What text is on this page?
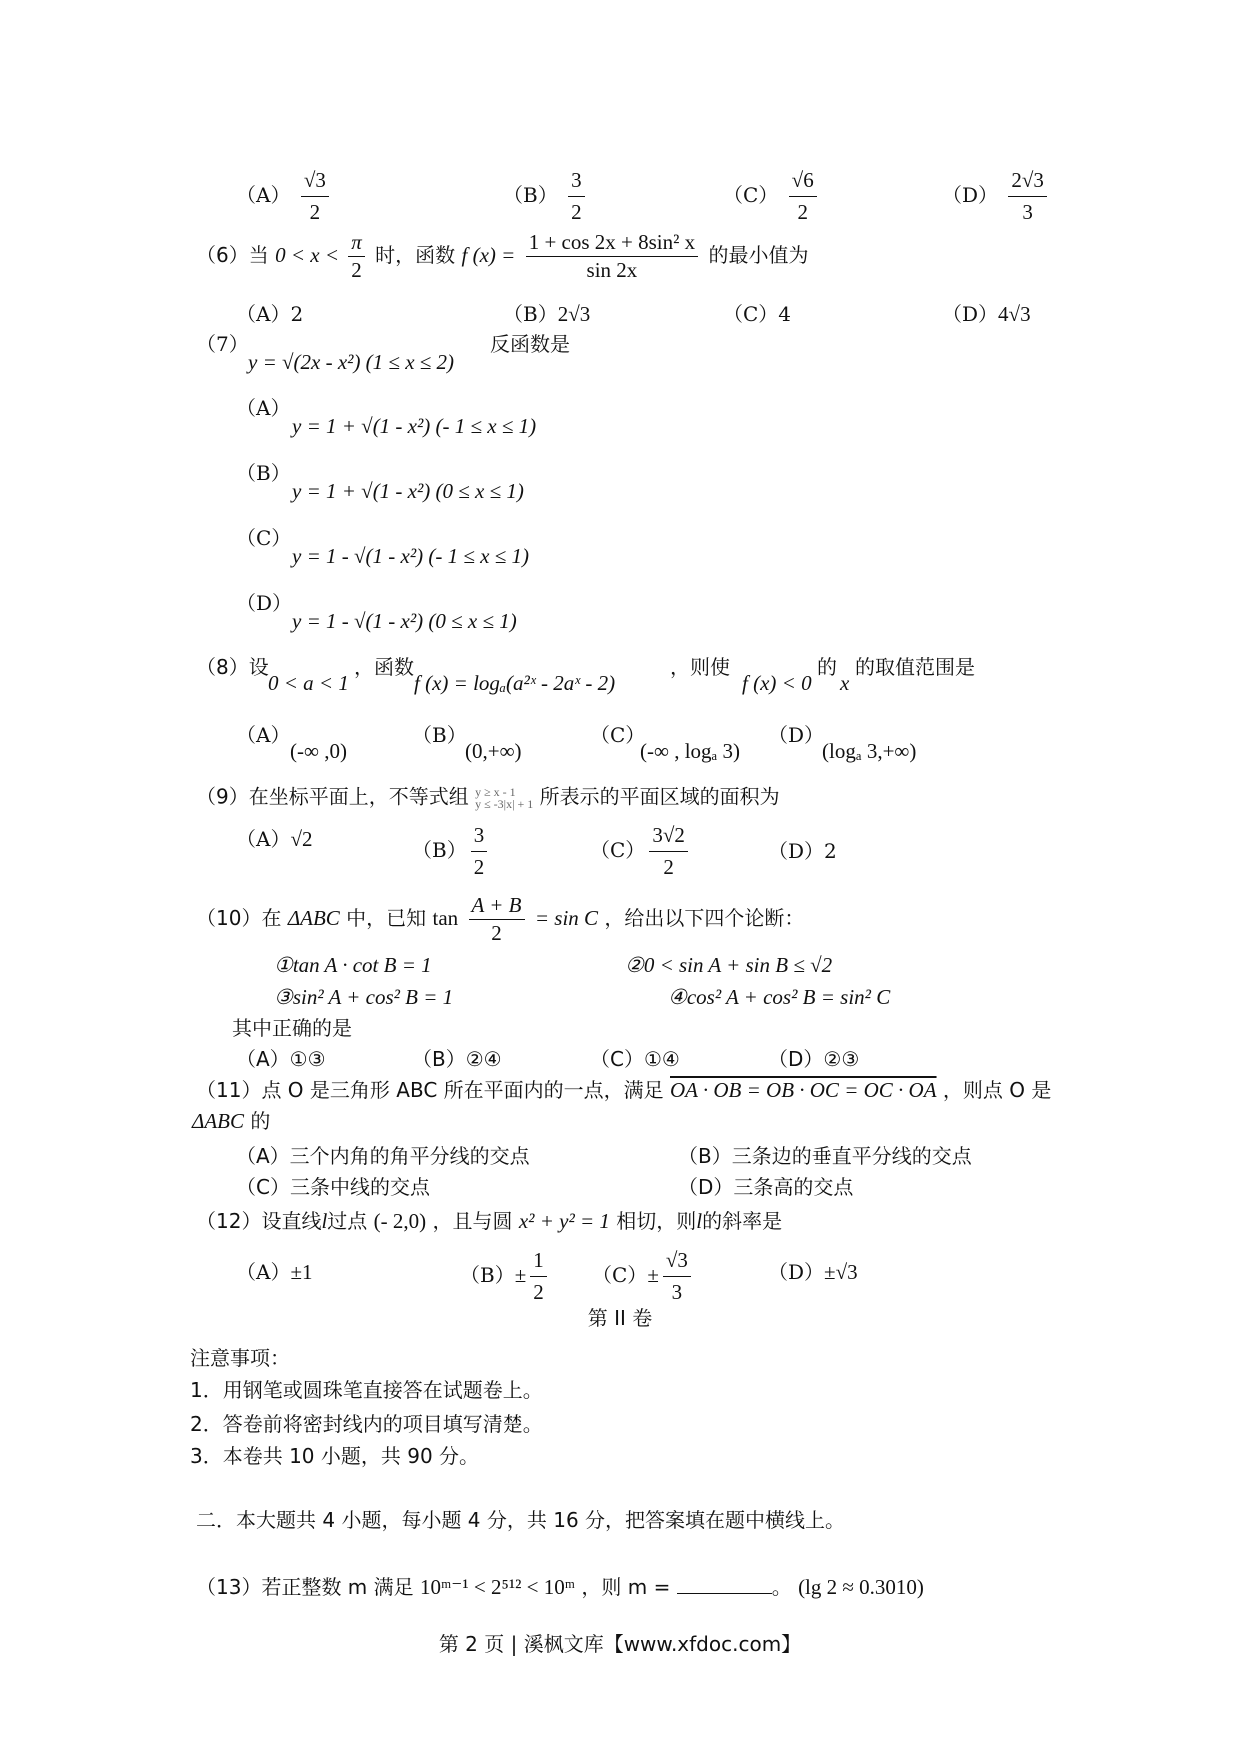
$(A) \frac{√3}{2}$	$(B) \frac{3}{2}$	$(C) \frac{√6}{2}$	$(D) \frac{2√3}{3}$
（6）当 $0 < x < \frac{\pi}{2}$ 时，函数 f $(x) = \frac{\text{1 + cos 2x + 8sin² x}}{\sin 2x}$ 的最小值为
（A）2	（B）2√3	（C）4	（D）4√3
（7）
y = √(2x - x²) (1 ≤ x ≤ 2)
反函数是
（A）
y = 1 + √(1 - x²) (- 1 ≤ x ≤ 1)
（B）
y = 1 + √(1 - x²) (0 ≤ x ≤ 1)
（C）
y = 1 - √(1 - x²) (- 1 ≤ x ≤ 1)
（D）
y = 1 - √(1 - x²) (0 ≤ x ≤ 1)
（8）设
0 < a < 1
，函数
f (x) = logₐ(a²ˣ - 2aˣ - 2)
，则使
f (x) < 0
的
x
的取值范围是
（A）
(-∞ ,0)
（B）
(0,+∞)
（C）
(-∞ , logₐ 3)
（D）
(logₐ 3,+∞)
（9）在坐标平面上，不等式组 y ≥ x - 1
y ≤ -3|x| + 1 所表示的平面区域的面积为
（A）√2	$(B) \frac{3}{2}$	$(C) \frac{3√2}{2}$	（D）2
（10）在 ΔABC 中，已知 $\tan \frac{A + B}{2} = \sin C$ ，给出以下四个论断：
①tan A · cot B = 1	②0 < sin A + sin B ≤ √2
③sin² A + cos² B = 1	④cos² A + cos² B = sin² C
其中正确的是
（A）①③	（B）②④	（C）①④	（D）②③
（11）点 O 是三角形 ABC 所在平面内的一点，满足 OA · OB = OB · OC = OC · OA ，则点 O 是
ΔABC 的
（A）三个内角的角平分线的交点	（B）三条边的垂直平分线的交点
（C）三条中线的交点	（D）三条高的交点
（12）设直线l过点 (- 2,0) ，且与圆 x² + y² = 1 相切，则l的斜率是
（A）±1	$(B)\pm \frac{1}{2} (C)\pm \frac{√3}{3}$	（D）±√3
第 II 卷
注意事项：
1．用钢笔或圆珠笔直接答在试题卷上。
2．答卷前将密封线内的项目填写清楚。
3．本卷共 10 小题，共 90 分。
二．本大题共 4 小题，每小题 4 分，共 16 分，把答案填在题中横线上。
（13）若正整数 m 满足 10ᵐ⁻¹ < 2⁵¹² < 10ᵐ ，则 m =	。 (lg 2 ≈ 0.3010)
第 2 页 | 溪枫文库【www.xfdoc.com】
